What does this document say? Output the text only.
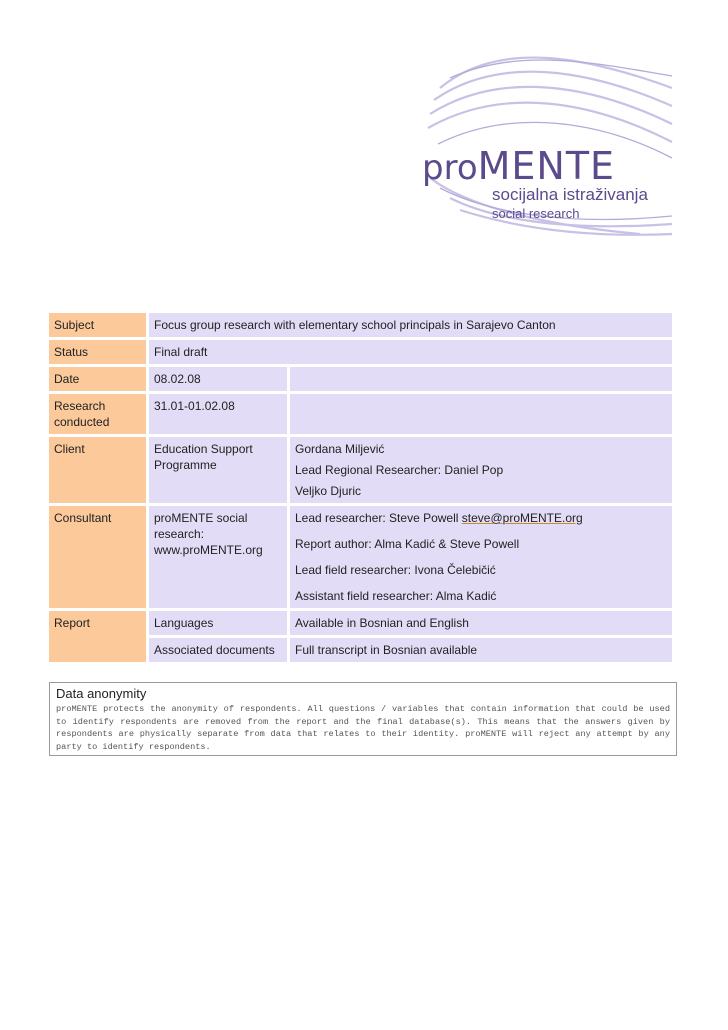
proMENTE
socijalna istraživanja
social research
Subject	Focus group research with elementary school principals in Sarajevo Canton	
Status	Final draft	
Date	08.02.08	
Research conducted	31.01-01.02.08	
Client	Education Support Programme	Gordana Miljević
Lead Regional Researcher: Daniel Pop
Veljko Djuric

Consultant	proMENTE social research: www.proMENTE.org	Lead researcher: Steve Powell steve@proMENTE.org
Report author: Alma Kadić & Steve Powell
Lead field researcher: Ivona Čelebičić
Assistant field researcher: Alma Kadić

Report	Languages	Available in Bosnian and English
	Associated documents	Full transcript in Bosnian available
Data anonymity
proMENTE protects the anonymity of respondents. All questions / variables that contain information that could be used to identify respondents are removed from the report and the final database(s). This means that the answers given by respondents are physically separate from data that relates to their identity. proMENTE will reject any attempt by any party to identify respondents.
